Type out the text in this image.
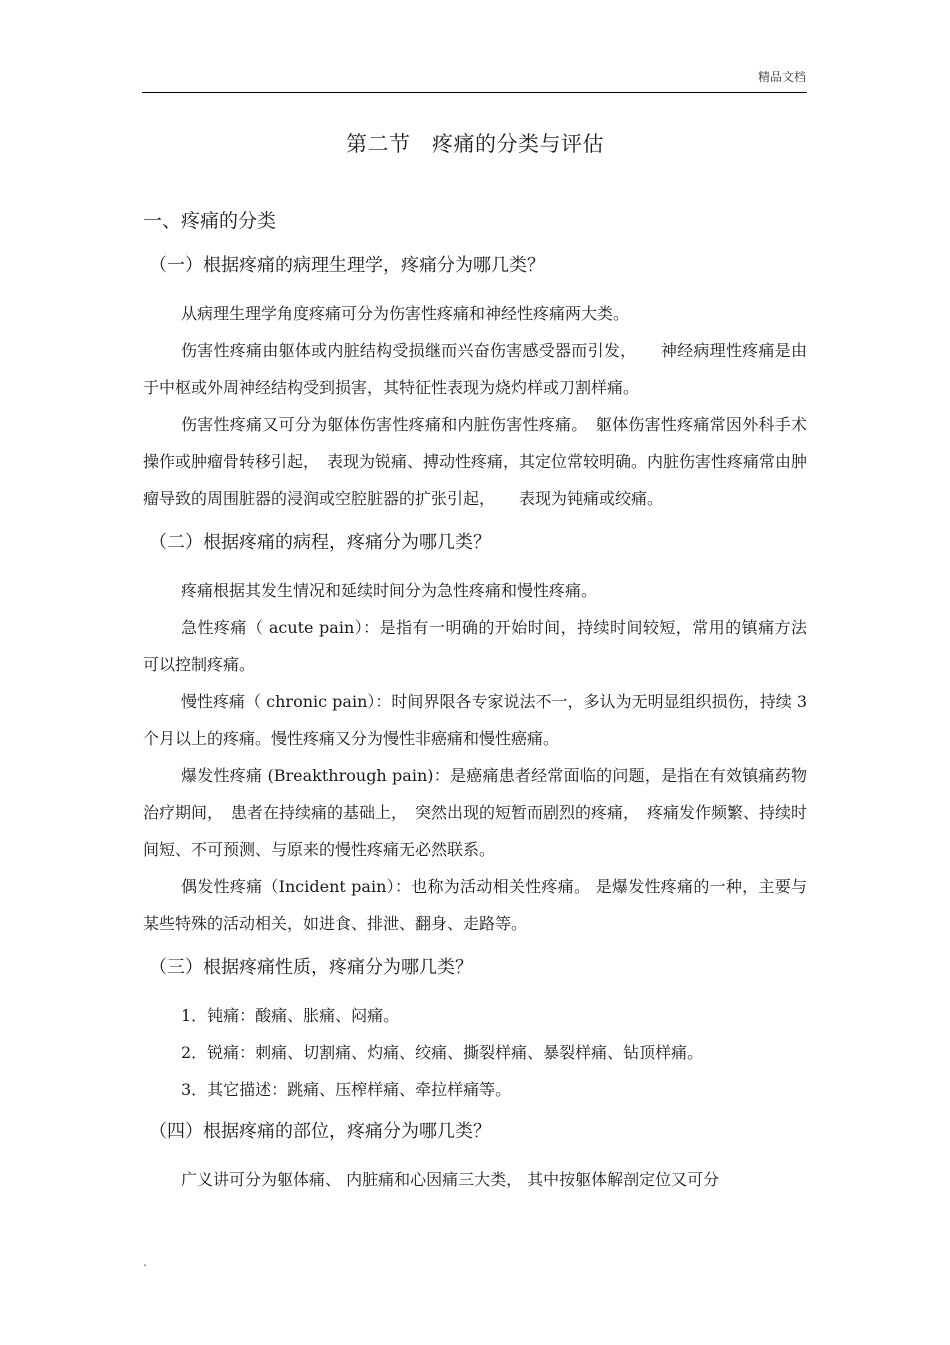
精品文档
第二节　疼痛的分类与评估
一、疼痛的分类
（一）根据疼痛的病理生理学，疼痛分为哪几类？

从病理生理学角度疼痛可分为伤害性疼痛和神经性疼痛两大类。

伤害性疼痛由躯体或内脏结构受损继而兴奋伤害感受器而引发，　　神经病理性疼痛是由于中枢或外周神经结构受到损害，其特征性表现为烧灼样或刀割样痛。

伤害性疼痛又可分为躯体伤害性疼痛和内脏伤害性疼痛。　躯体伤害性疼痛常因外科手术操作或肿瘤骨转移引起，　表现为锐痛、搏动性疼痛，其定位常较明确。内脏伤害性疼痛常由肿瘤导致的周围脏器的浸润或空腔脏器的扩张引起，　　表现为钝痛或绞痛。

（二）根据疼痛的病程，疼痛分为哪几类？

疼痛根据其发生情况和延续时间分为急性疼痛和慢性疼痛。

急性疼痛（ acute pain）：是指有一明确的开始时间，持续时间较短，常用的镇痛方法可以控制疼痛。

慢性疼痛（ chronic pain）：时间界限各专家说法不一，多认为无明显组织损伤，持续 3 个月以上的疼痛。慢性疼痛又分为慢性非癌痛和慢性癌痛。

爆发性疼痛 (Breakthrough pain)：是癌痛患者经常面临的问题，是指在有效镇痛药物治疗期间，　患者在持续痛的基础上，　突然出现的短暂而剧烈的疼痛，　疼痛发作频繁、持续时间短、不可预测、与原来的慢性疼痛无必然联系。

偶发性疼痛（Incident pain）：也称为活动相关性疼痛。 是爆发性疼痛的一种，主要与某些特殊的活动相关，如进食、排泄、翻身、走路等。

（三）根据疼痛性质，疼痛分为哪几类？
1．钝痛：酸痛、胀痛、闷痛。
2．锐痛：刺痛、切割痛、灼痛、绞痛、撕裂样痛、暴裂样痛、钻顶样痛。
3．其它描述：跳痛、压榨样痛、牵拉样痛等。
（四）根据疼痛的部位，疼痛分为哪几类？

广义讲可分为躯体痛、 内脏痛和心因痛三大类， 其中按躯体解剖定位又可分

.
